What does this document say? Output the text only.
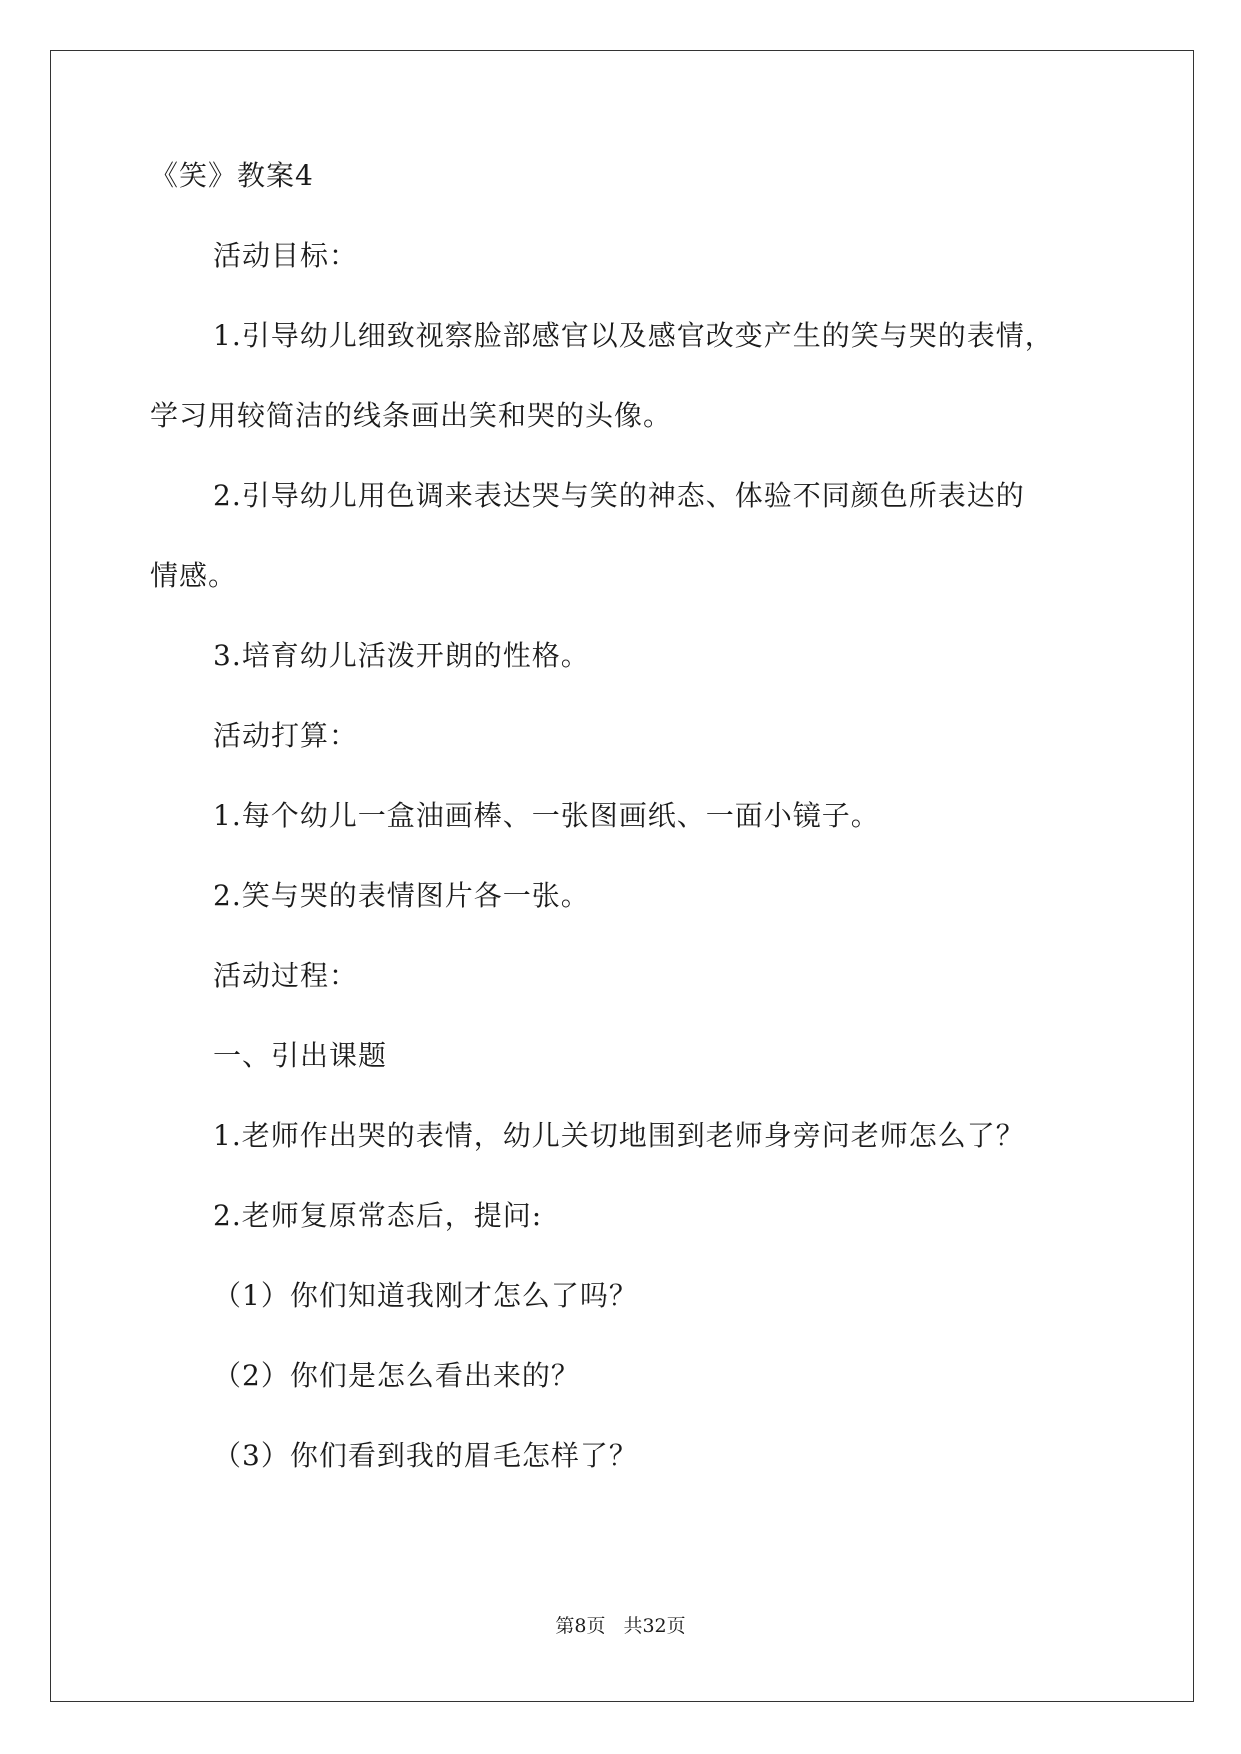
《笑》教案4
活动目标：
1.引导幼儿细致视察脸部感官以及感官改变产生的笑与哭的表情，
学习用较简洁的线条画出笑和哭的头像。
2.引导幼儿用色调来表达哭与笑的神态、体验不同颜色所表达的
情感。
3.培育幼儿活泼开朗的性格。
活动打算：
1.每个幼儿一盒油画棒、一张图画纸、一面小镜子。
2.笑与哭的表情图片各一张。
活动过程：
一、引出课题
1.老师作出哭的表情，幼儿关切地围到老师身旁问老师怎么了？
2.老师复原常态后，提问:
（1）你们知道我刚才怎么了吗？
（2）你们是怎么看出来的？
（3）你们看到我的眉毛怎样了？
第8页 共32页
